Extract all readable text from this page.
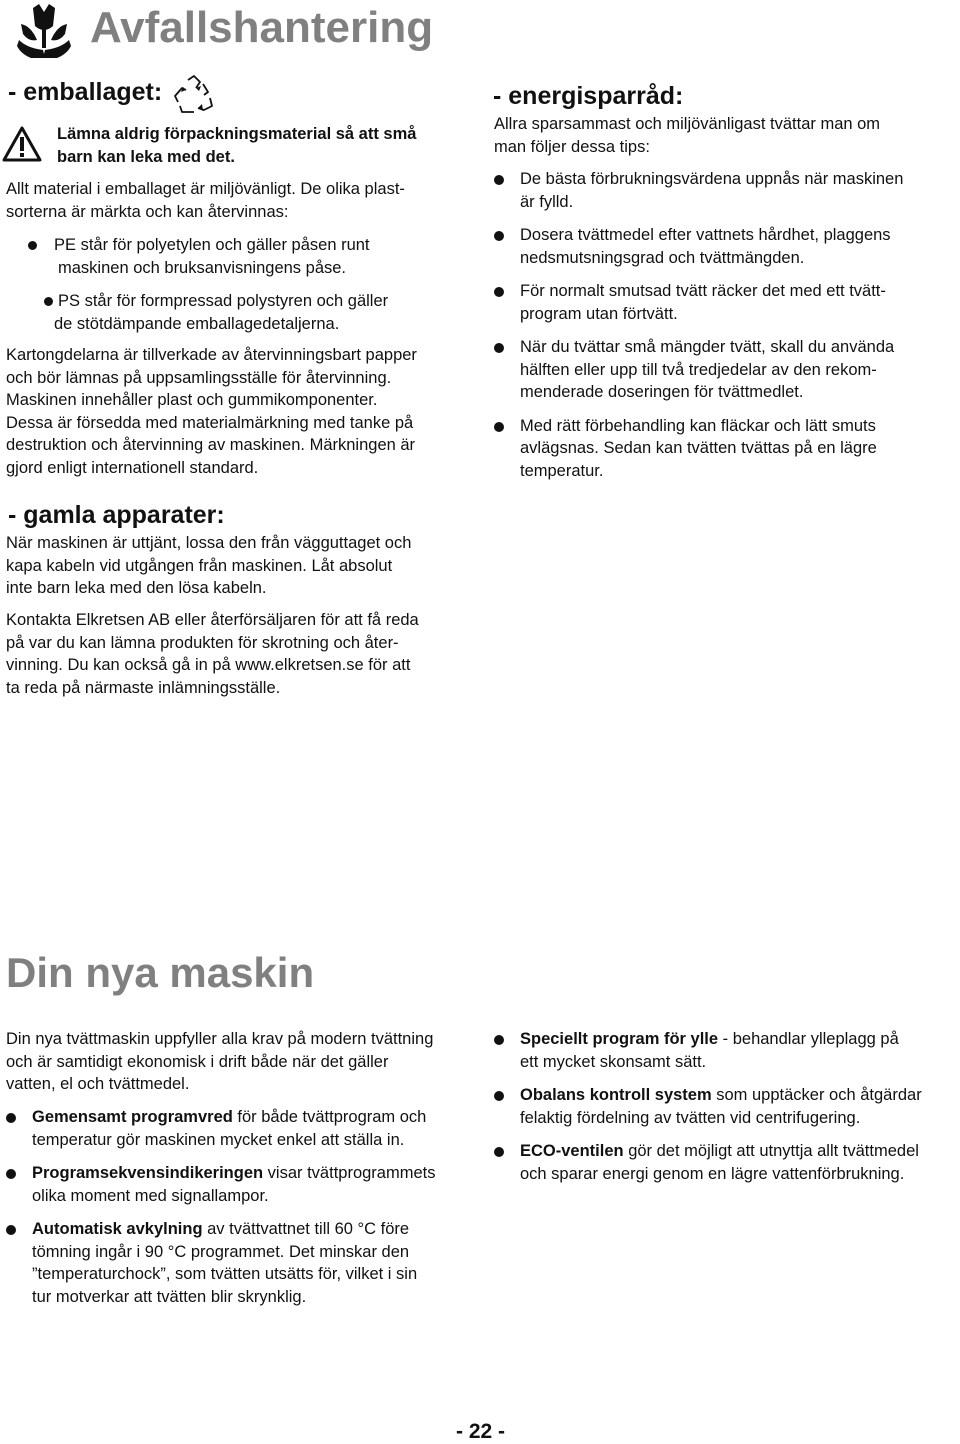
Avfallshantering
- emballaget:
Lämna aldrig förpackningsmaterial så att små
barn kan leka med det.
Allt material i emballaget är miljövänligt. De olika plast-
sorterna är märkta och kan återvinnas:
PE står för polyetylen och gäller påsen runt
maskinen och bruksanvisningens påse.
PS står för formpressad polystyren och gäller
de stötdämpande emballagedetaljerna.
Kartongdelarna är tillverkade av återvinningsbart papper
och bör lämnas på uppsamlingsställe för återvinning.
Maskinen innehåller plast och gummikomponenter.
Dessa är försedda med materialmärkning med tanke på
destruktion och återvinning av maskinen. Märkningen är
gjord enligt internationell standard.
- gamla apparater:
När maskinen är uttjänt, lossa den från vägguttaget och
kapa kabeln vid utgången från maskinen. Låt absolut
inte barn leka med den lösa kabeln.
Kontakta Elkretsen AB eller återförsäljaren för att få reda
på var du kan lämna produkten för skrotning och åter-
vinning. Du kan också gå in på www.elkretsen.se för att
ta reda på närmaste inlämningsställe.
- energisparråd:
Allra sparsammast och miljövänligast tvättar man om
man följer dessa tips:
De bästa förbrukningsvärdena uppnås när maskinen
är fylld.
Dosera tvättmedel efter vattnets hårdhet, plaggens
nedsmutsningsgrad och tvättmängden.
För normalt smutsad tvätt räcker det med ett tvätt-
program utan förtvätt.
När du tvättar små mängder tvätt, skall du använda
hälften eller upp till två tredjedelar av den rekom-
menderade doseringen för tvättmedlet.
Med rätt förbehandling kan fläckar och lätt smuts
avlägsnas. Sedan kan tvätten tvättas på en lägre
temperatur.
Din nya maskin
Din nya tvättmaskin uppfyller alla krav på modern tvättning
och är samtidigt ekonomisk i drift både när det gäller
vatten, el och tvättmedel.
Gemensamt programvred för både tvättprogram och
temperatur gör maskinen mycket enkel att ställa in.
Programsekvensindikeringen visar tvättprogrammets
olika moment med signallampor.
Automatisk avkylning av tvättvattnet till 60 °C före
tömning ingår i 90 °C programmet. Det minskar den
”temperaturchock”, som tvätten utsätts för, vilket i sin
tur motverkar att tvätten blir skrynklig.
Speciellt program för ylle - behandlar ylleplagg på
ett mycket skonsamt sätt.
Obalans kontroll system som upptäcker och åtgärdar
felaktig fördelning av tvätten vid centrifugering.
ECO-ventilen gör det möjligt att utnyttja allt tvättmedel
och sparar energi genom en lägre vattenförbrukning.
- 22 -
